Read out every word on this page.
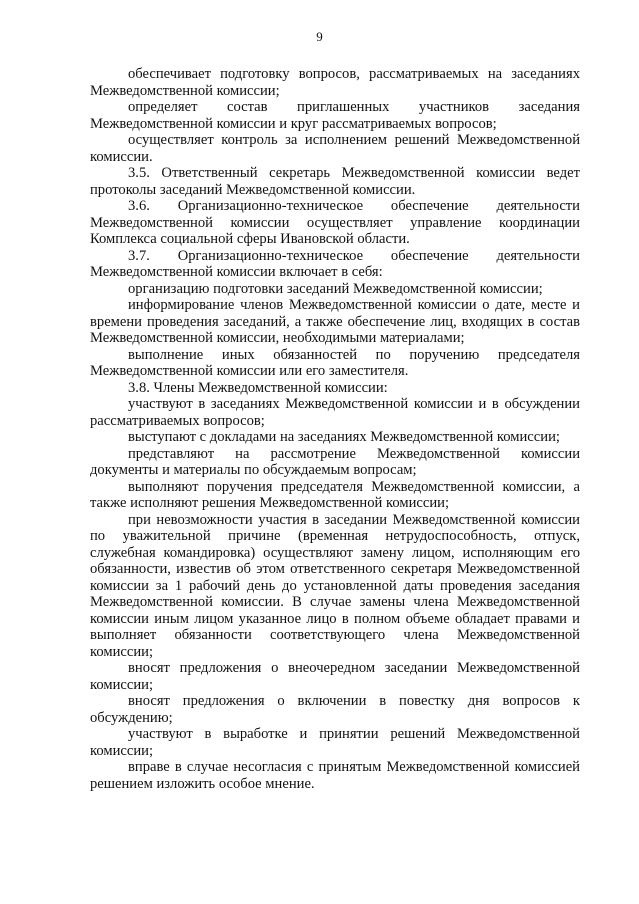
9

обеспечивает подготовку вопросов, рассматриваемых на заседаниях Межведомственной комиссии;

определяет состав приглашенных участников заседания Межведомственной комиссии и круг рассматриваемых вопросов;

осуществляет контроль за исполнением решений Межведомственной комиссии.

3.5. Ответственный секретарь Межведомственной комиссии ведет протоколы заседаний Межведомственной комиссии.

3.6. Организационно-техническое обеспечение деятельности Межведомственной комиссии осуществляет управление координации Комплекса социальной сферы Ивановской области.

3.7. Организационно-техническое обеспечение деятельности Межведомственной комиссии включает в себя:

организацию подготовки заседаний Межведомственной комиссии;

информирование членов Межведомственной комиссии о дате, месте и времени проведения заседаний, а также обеспечение лиц, входящих в состав Межведомственной комиссии, необходимыми материалами;

выполнение иных обязанностей по поручению председателя Межведомственной комиссии или его заместителя.

3.8. Члены Межведомственной комиссии:

участвуют в заседаниях Межведомственной комиссии и в обсуждении рассматриваемых вопросов;

выступают с докладами на заседаниях Межведомственной комиссии;

представляют на рассмотрение Межведомственной комиссии документы и материалы по обсуждаемым вопросам;

выполняют поручения председателя Межведомственной комиссии, а также исполняют решения Межведомственной комиссии;

при невозможности участия в заседании Межведомственной комиссии по уважительной причине (временная нетрудоспособность, отпуск, служебная командировка) осуществляют замену лицом, исполняющим его обязанности, известив об этом ответственного секретаря Межведомственной комиссии за 1 рабочий день до установленной даты проведения заседания Межведомственной комиссии. В случае замены члена Межведомственной комиссии иным лицом указанное лицо в полном объеме обладает правами и выполняет обязанности соответствующего члена Межведомственной комиссии;

вносят предложения о внеочередном заседании Межведомственной комиссии;

вносят предложения о включении в повестку дня вопросов к обсуждению;

участвуют в выработке и принятии решений Межведомственной комиссии;

вправе в случае несогласия с принятым Межведомственной комиссией решением изложить особое мнение.
